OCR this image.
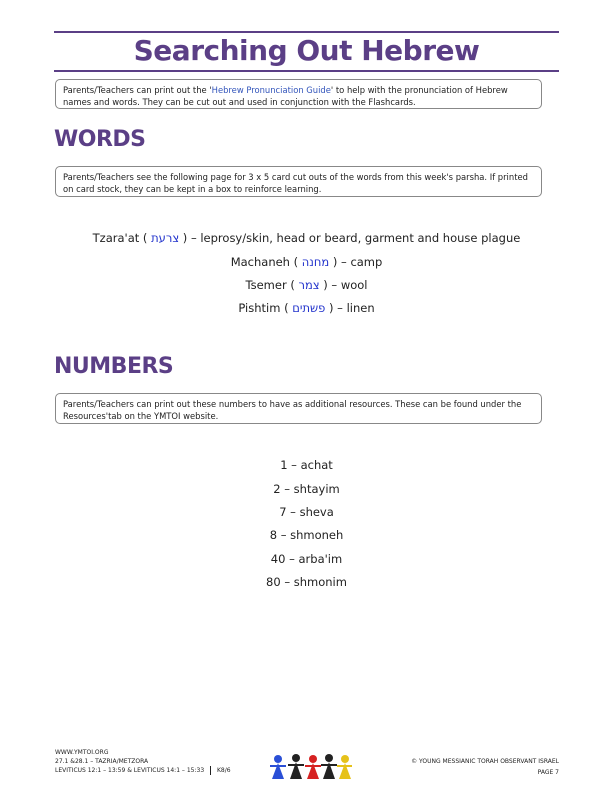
Searching Out Hebrew
Parents/Teachers can print out the 'Hebrew Pronunciation Guide' to help with the pronunciation of Hebrew names and words. They can be cut out and used in conjunction with the Flashcards.
WORDS
Parents/Teachers see the following page for 3 x 5 card cut outs of the words from this week's parsha. If printed on card stock, they can be kept in a box to reinforce learning.
Tzara'at ( צרעת ) – leprosy/skin, head or beard, garment and house plague
Machaneh ( מחנה ) – camp
Tsemer ( צמר ) – wool
Pishtim ( פשתים ) – linen
NUMBERS
Parents/Teachers can print out these numbers to have as additional resources. These can be found under the Resources'tab on the YMTOI website.
1 – achat
2 – shtayim
7 – sheva
8 – shmoneh
40 – arba'im
80 – shmonim
WWW.YMTOI.ORG
27.1 &28.1 – TAZRIA/METZORA
LEVITICUS 12:1 – 13:59 & LEVITICUS 14:1 – 15:33 K8/6
© YOUNG MESSIANIC TORAH OBSERVANT ISRAEL
PAGE 7
